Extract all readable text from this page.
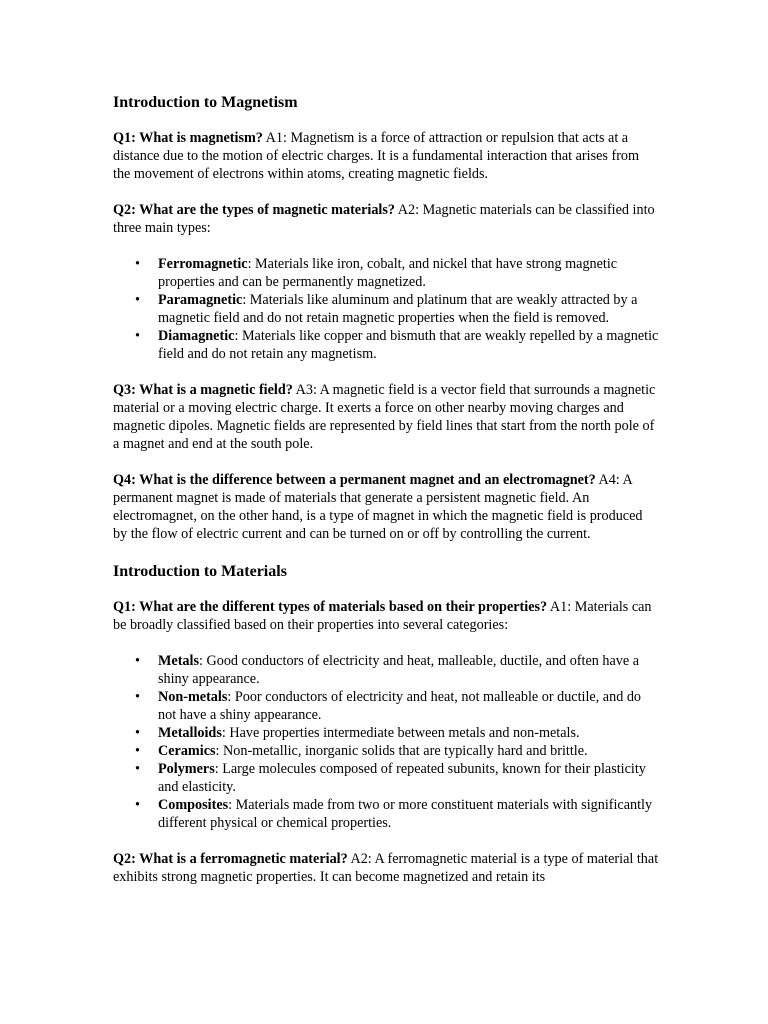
Introduction to Magnetism

Q1: What is magnetism? A1: Magnetism is a force of attraction or repulsion that acts at a distance due to the motion of electric charges. It is a fundamental interaction that arises from the movement of electrons within atoms, creating magnetic fields.

Q2: What are the types of magnetic materials? A2: Magnetic materials can be classified into three main types:

• Ferromagnetic: Materials like iron, cobalt, and nickel that have strong magnetic properties and can be permanently magnetized.
• Paramagnetic: Materials like aluminum and platinum that are weakly attracted by a magnetic field and do not retain magnetic properties when the field is removed.
• Diamagnetic: Materials like copper and bismuth that are weakly repelled by a magnetic field and do not retain any magnetism.

Q3: What is a magnetic field? A3: A magnetic field is a vector field that surrounds a magnetic material or a moving electric charge. It exerts a force on other nearby moving charges and magnetic dipoles. Magnetic fields are represented by field lines that start from the north pole of a magnet and end at the south pole.

Q4: What is the difference between a permanent magnet and an electromagnet? A4: A permanent magnet is made of materials that generate a persistent magnetic field. An electromagnet, on the other hand, is a type of magnet in which the magnetic field is produced by the flow of electric current and can be turned on or off by controlling the current.

Introduction to Materials

Q1: What are the different types of materials based on their properties? A1: Materials can be broadly classified based on their properties into several categories:

• Metals: Good conductors of electricity and heat, malleable, ductile, and often have a shiny appearance.
• Non-metals: Poor conductors of electricity and heat, not malleable or ductile, and do not have a shiny appearance.
• Metalloids: Have properties intermediate between metals and non-metals.
• Ceramics: Non-metallic, inorganic solids that are typically hard and brittle.
• Polymers: Large molecules composed of repeated subunits, known for their plasticity and elasticity.
• Composites: Materials made from two or more constituent materials with significantly different physical or chemical properties.

Q2: What is a ferromagnetic material? A2: A ferromagnetic material is a type of material that exhibits strong magnetic properties. It can become magnetized and retain its
